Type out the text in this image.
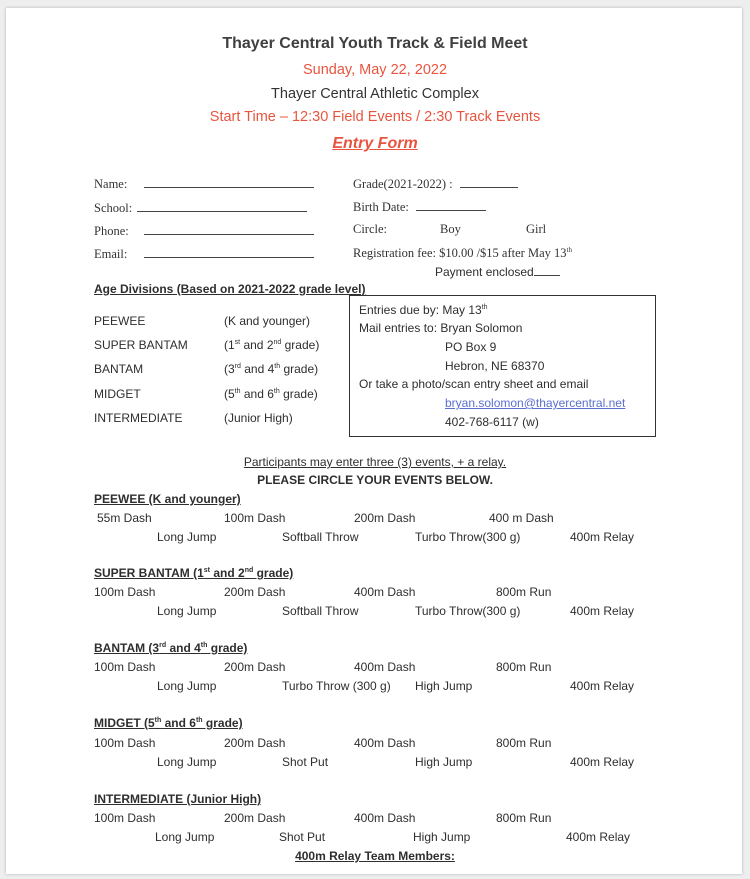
Thayer Central Youth Track & Field Meet
Sunday, May 22, 2022
Thayer Central Athletic Complex
Start Time – 12:30 Field Events / 2:30 Track Events
Entry Form
Name:
School:
Phone:
Email:
Grade(2021-2022) :
Birth Date:
Circle:	Boy	Girl
Registration fee: $10.00 /$15 after May 13th
Payment enclosed
Age Divisions (Based on 2021-2022 grade level)
PEEWEE	(K and younger)
SUPER BANTAM	(1st and 2nd grade)
BANTAM	(3rd and 4th grade)
MIDGET	(5th and 6th grade)
INTERMEDIATE	(Junior High)
Entries due by: May 13th
Mail entries to: Bryan Solomon
PO Box 9
Hebron, NE 68370
Or take a photo/scan entry sheet and email
bryan.solomon@thayercentral.net
402-768-6117 (w)
Participants may enter three (3) events, + a relay.
PLEASE CIRCLE YOUR EVENTS BELOW.
PEEWEE (K and younger)
55m Dash	100m Dash	200m Dash	400 m Dash
Long Jump	Softball Throw	Turbo Throw(300 g)	400m Relay
SUPER BANTAM (1st and 2nd grade)
100m Dash	200m Dash	400m Dash	800m Run
Long Jump	Softball Throw	Turbo Throw(300 g)	400m Relay
BANTAM (3rd and 4th grade)
100m Dash	200m Dash	400m Dash	800m Run
Long Jump	Turbo Throw (300 g) High Jump	400m Relay
MIDGET (5th and 6th grade)
100m Dash	200m Dash	400m Dash	800m Run
Long Jump	Shot Put	High Jump	400m Relay
INTERMEDIATE (Junior High)
100m Dash	200m Dash	400m Dash	800m Run
Long Jump	Shot Put	High Jump	400m Relay
400m Relay Team Members:
